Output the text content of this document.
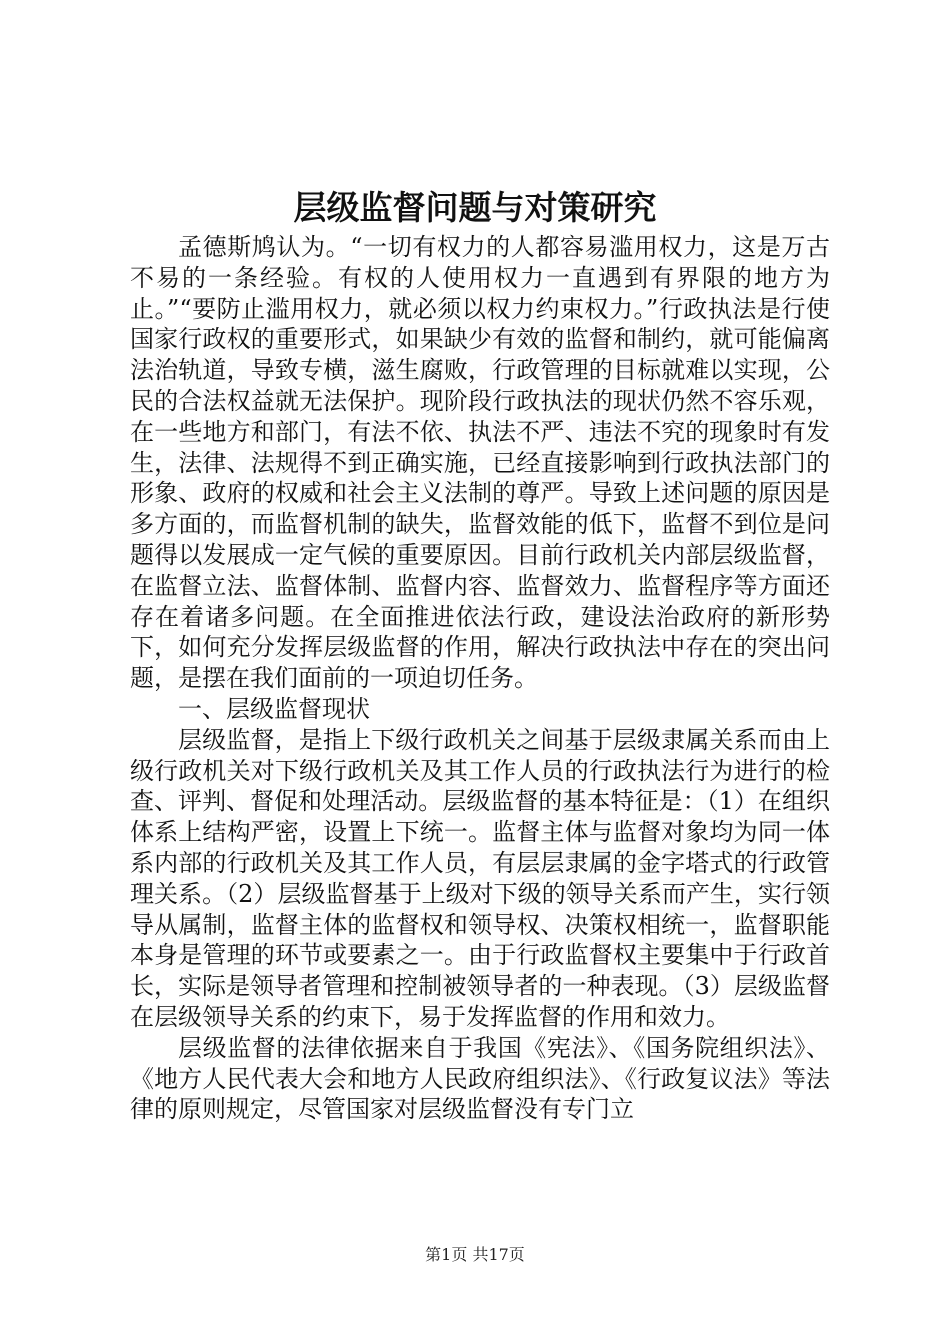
层级监督问题与对策研究

孟德斯鸠认为。“一切有权力的人都容易滥用权力，这是万古不易的一条经验。有权的人使用权力一直遇到有界限的地方为止。”“要防止滥用权力，就必须以权力约束权力。”行政执法是行使国家行政权的重要形式，如果缺少有效的监督和制约，就可能偏离法治轨道，导致专横，滋生腐败，行政管理的目标就难以实现，公民的合法权益就无法保护。现阶段行政执法的现状仍然不容乐观，在一些地方和部门，有法不依、执法不严、违法不究的现象时有发生，法律、法规得不到正确实施，已经直接影响到行政执法部门的形象、政府的权威和社会主义法制的尊严。导致上述问题的原因是多方面的，而监督机制的缺失，监督效能的低下，监督不到位是问题得以发展成一定气候的重要原因。目前行政机关内部层级监督，在监督立法、监督体制、监督内容、监督效力、监督程序等方面还存在着诸多问题。在全面推进依法行政，建设法治政府的新形势下，如何充分发挥层级监督的作用，解决行政执法中存在的突出问题，是摆在我们面前的一项迫切任务。

一、层级监督现状

层级监督，是指上下级行政机关之间基于层级隶属关系而由上级行政机关对下级行政机关及其工作人员的行政执法行为进行的检查、评判、督促和处理活动。层级监督的基本特征是：（1）在组织体系上结构严密，设置上下统一。监督主体与监督对象均为同一体系内部的行政机关及其工作人员，有层层隶属的金字塔式的行政管理关系。（2）层级监督基于上级对下级的领导关系而产生，实行领导从属制，监督主体的监督权和领导权、决策权相统一，监督职能本身是管理的环节或要素之一。由于行政监督权主要集中于行政首长，实际是领导者管理和控制被领导者的一种表现。（3）层级监督在层级领导关系的约束下，易于发挥监督的作用和效力。

层级监督的法律依据来自于我国《宪法》、《国务院组织法》、《地方人民代表大会和地方人民政府组织法》、《行政复议法》等法律的原则规定，尽管国家对层级监督没有专门立

第1页 共17页
